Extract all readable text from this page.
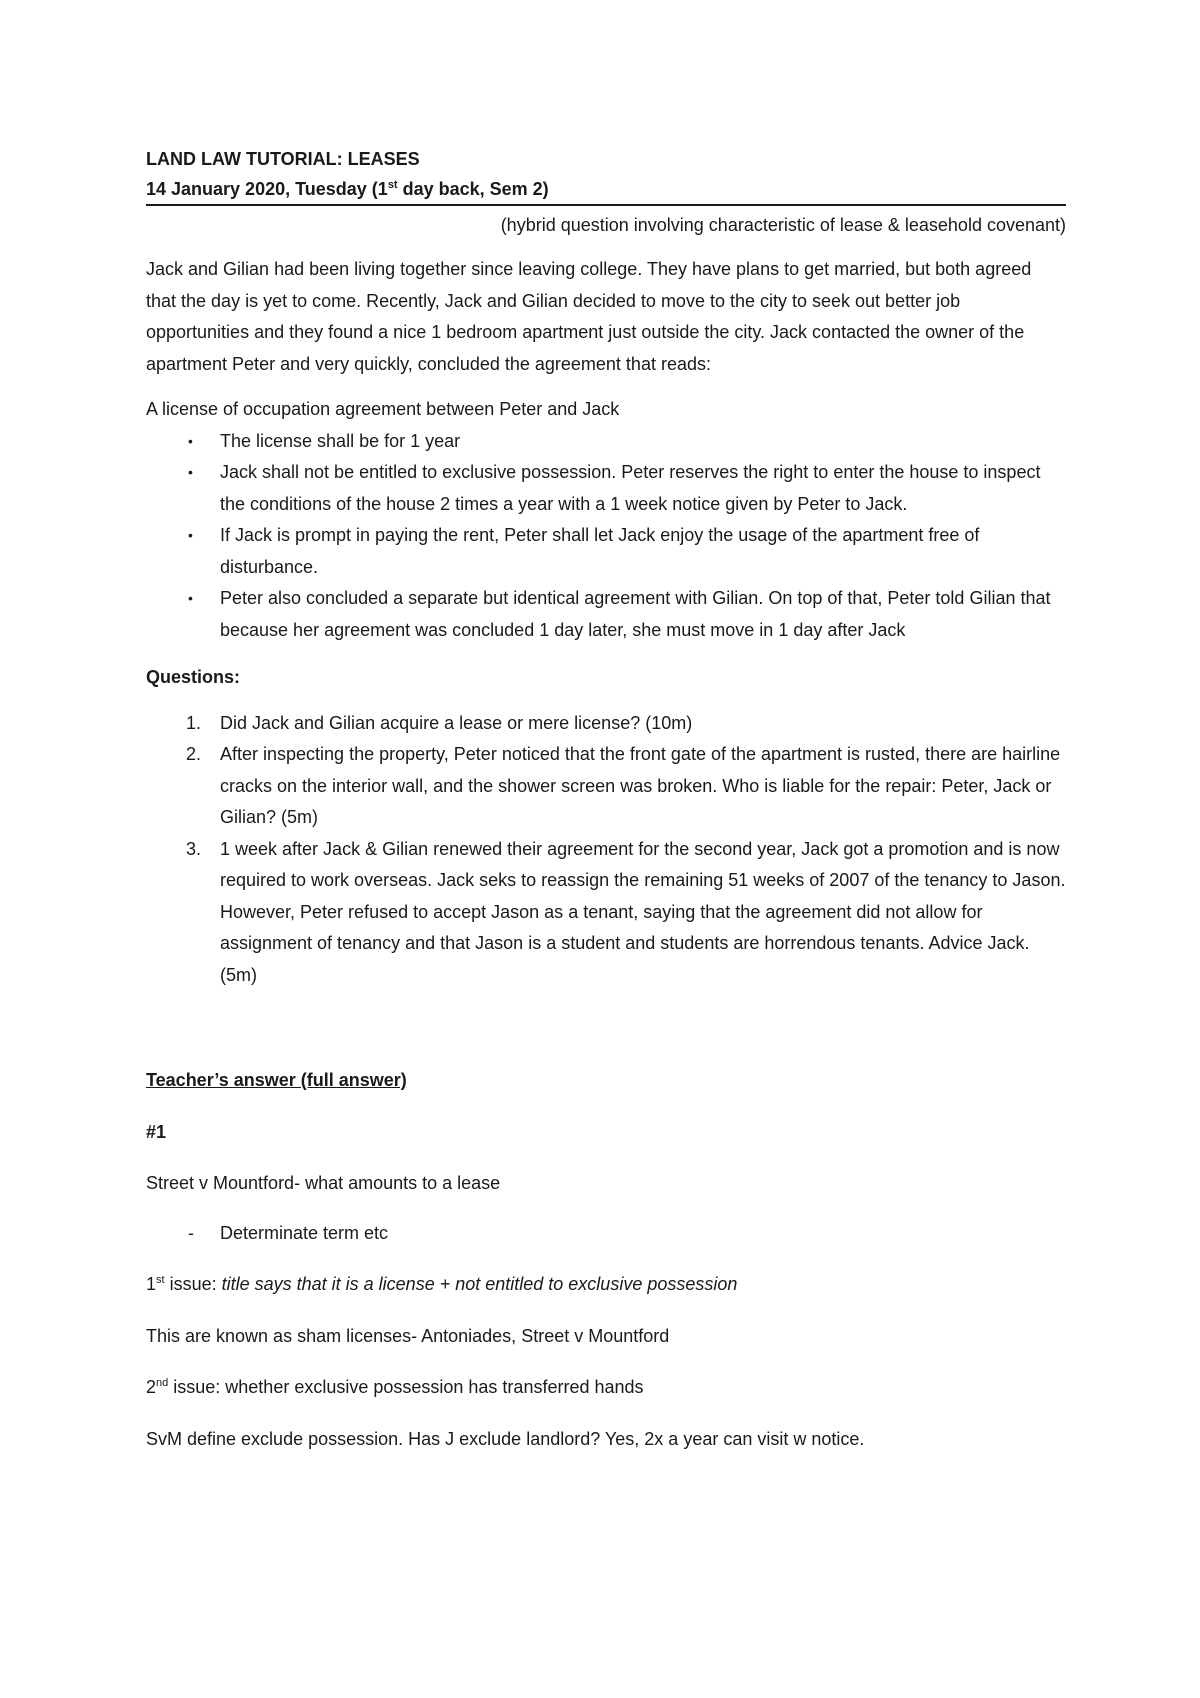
LAND LAW TUTORIAL: LEASES

14 January 2020, Tuesday (1st day back, Sem 2)

(hybrid question involving characteristic of lease & leasehold covenant)

Jack and Gilian had been living together since leaving college. They have plans to get married, but both agreed that the day is yet to come. Recently, Jack and Gilian decided to move to the city to seek out better job opportunities and they found a nice 1 bedroom apartment just outside the city. Jack contacted the owner of the apartment Peter and very quickly, concluded the agreement that reads:

A license of occupation agreement between Peter and Jack

• The license shall be for 1 year
• Jack shall not be entitled to exclusive possession. Peter reserves the right to enter the house to inspect the conditions of the house 2 times a year with a 1 week notice given by Peter to Jack.
• If Jack is prompt in paying the rent, Peter shall let Jack enjoy the usage of the apartment free of disturbance.
• Peter also concluded a separate but identical agreement with Gilian. On top of that, Peter told Gilian that because her agreement was concluded 1 day later, she must move in 1 day after Jack

Questions:

1. Did Jack and Gilian acquire a lease or mere license? (10m)
2. After inspecting the property, Peter noticed that the front gate of the apartment is rusted, there are hairline cracks on the interior wall, and the shower screen was broken. Who is liable for the repair: Peter, Jack or Gilian? (5m)
3. 1 week after Jack & Gilian renewed their agreement for the second year, Jack got a promotion and is now required to work overseas. Jack seks to reassign the remaining 51 weeks of 2007 of the tenancy to Jason. However, Peter refused to accept Jason as a tenant, saying that the agreement did not allow for assignment of tenancy and that Jason is a student and students are horrendous tenants. Advice Jack. (5m)

Teacher’s answer (full answer)

#1

Street v Mountford- what amounts to a lease

- Determinate term etc

1st issue: title says that it is a license + not entitled to exclusive possession

This are known as sham licenses- Antoniades, Street v Mountford

2nd issue: whether exclusive possession has transferred hands

SvM define exclude possession. Has J exclude landlord? Yes, 2x a year can visit w notice.
